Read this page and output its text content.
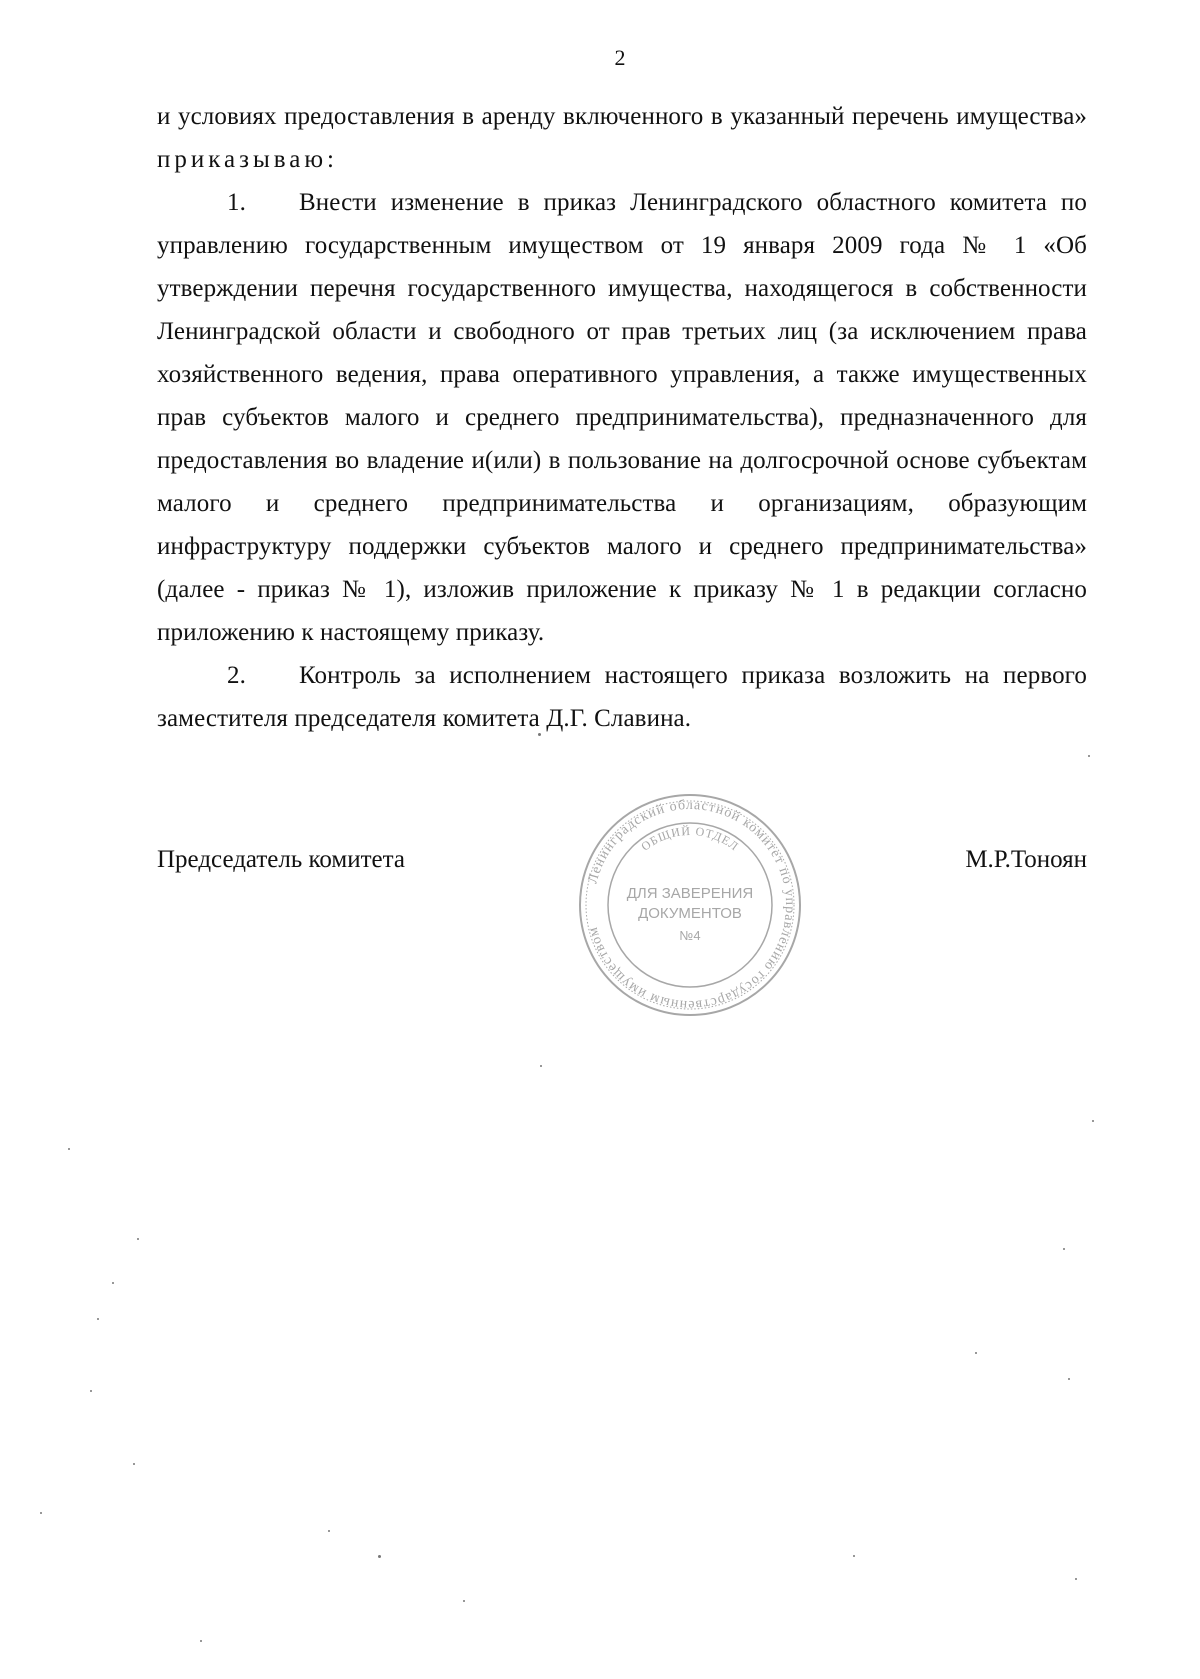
2

и условиях предоставления в аренду включенного в указанный перечень имущества» приказываю:

1. Внести изменение в приказ Ленинградского областного комитета по управлению государственным имуществом от 19 января 2009 года № 1 «Об утверждении перечня государственного имущества, находящегося в собственности Ленинградской области и свободного от прав третьих лиц (за исключением права хозяйственного ведения, права оперативного управления, а также имущественных прав субъектов малого и среднего предпринимательства), предназначенного для предоставления во владение и(или) в пользование на долгосрочной основе субъектам малого и среднего предпринимательства и организациям, образующим инфраструктуру поддержки субъектов малого и среднего предпринимательства» (далее - приказ № 1), изложив приложение к приказу № 1 в редакции согласно приложению к настоящему приказу.

2. Контроль за исполнением настоящего приказа возложить на первого заместителя председателя комитета Д.Г. Славина.

Председатель комитета	М.Р.Тоноян
Ленинградский областной комитет по управлению государственным имуществом
ОБЩИЙ ОТДЕЛ
ДЛЯ ЗАВЕРЕНИЯ
ДОКУМЕНТОВ
№4
